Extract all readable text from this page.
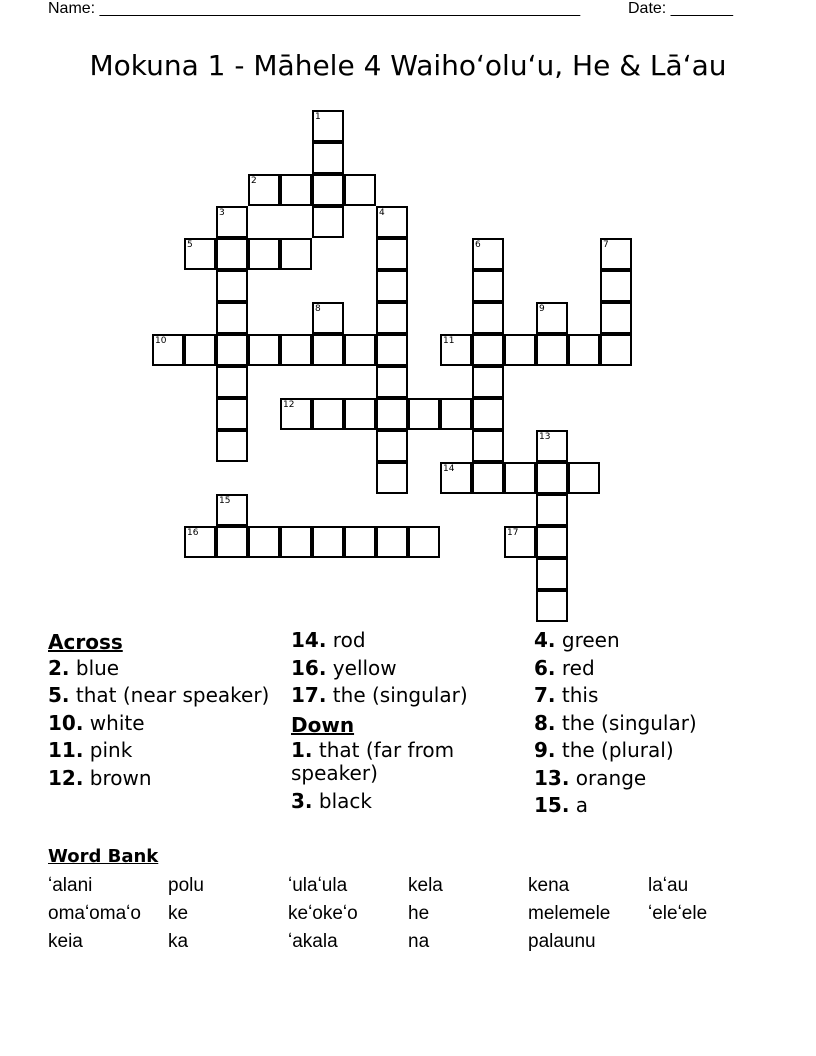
Name: ______________________________________________________	Date: _______
Mokuna 1 - Māhele 4 Waihoʻoluʻu, He & Lāʻau
1
2
3	4
5	6	7
8	9
10	11
12
13
14
15
16	17
Across
2. blue
5. that (near speaker)
10. white
11. pink
12. brown
14. rod
16. yellow
17. the (singular)
Down
1. that (far from speaker)
3. black
4. green
6. red
7. this
8. the (singular)
9. the (plural)
13. orange
15. a
Word Bank
ʻalani	polu	ʻulaʻula	kela	kena	laʻau
omaʻomaʻo ke	keʻokeʻo	he	melemele ʻeleʻele
keia	ka	ʻakala	na	palaunu
